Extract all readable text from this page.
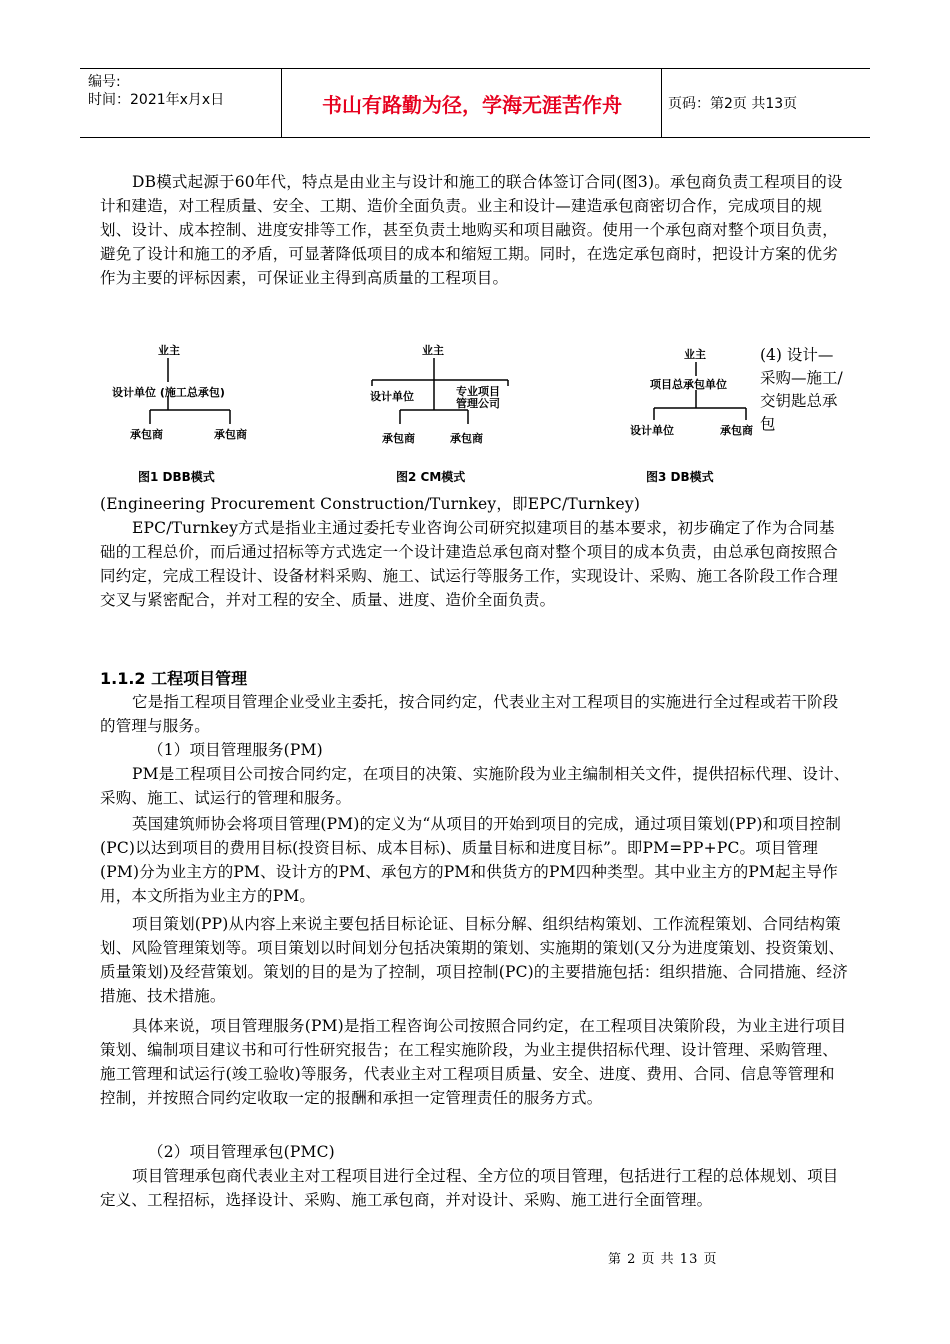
编号:
时间：2021年x月x日	书山有路勤为径，学海无涯苦作舟	页码：第2页 共13页
DB模式起源于60年代，特点是由业主与设计和施工的联合体签订合同(图3)。承包商负责工程项目的设计和建造，对工程质量、安全、工期、造价全面负责。业主和设计—建造承包商密切合作，完成项目的规划、设计、成本控制、进度安排等工作，甚至负责土地购买和项目融资。使用一个承包商对整个项目负责，避免了设计和施工的矛盾，可显著降低项目的成本和缩短工期。同时，在选定承包商时，把设计方案的优劣作为主要的评标因素，可保证业主得到高质量的工程项目。
业主
设计单位 (施工总承包)
承包商	承包商
图1 DBB模式
业主
设计单位	专业项目
管理公司
承包商	承包商
图2 CM模式
业主
项目总承包单位
设计单位	承包商
图3 DB模式
(4) 设计—采购—施工/交钥匙总承包
(Engineering Procurement Construction/Turnkey，即EPC/Turnkey)
EPC/Turnkey方式是指业主通过委托专业咨询公司研究拟建项目的基本要求，初步确定了作为合同基础的工程总价，而后通过招标等方式选定一个设计建造总承包商对整个项目的成本负责，由总承包商按照合同约定，完成工程设计、设备材料采购、施工、试运行等服务工作，实现设计、采购、施工各阶段工作合理交叉与紧密配合，并对工程的安全、质量、进度、造价全面负责。
1.1.2 工程项目管理
它是指工程项目管理企业受业主委托，按合同约定，代表业主对工程项目的实施进行全过程或若干阶段的管理与服务。
（1）项目管理服务(PM)
PM是工程项目公司按合同约定，在项目的决策、实施阶段为业主编制相关文件，提供招标代理、设计、采购、施工、试运行的管理和服务。
英国建筑师协会将项目管理(PM)的定义为“从项目的开始到项目的完成，通过项目策划(PP)和项目控制(PC)以达到项目的费用目标(投资目标、成本目标)、质量目标和进度目标”。即PM=PP+PC。项目管理(PM)分为业主方的PM、设计方的PM、承包方的PM和供货方的PM四种类型。其中业主方的PM起主导作用，本文所指为业主方的PM。
项目策划(PP)从内容上来说主要包括目标论证、目标分解、组织结构策划、工作流程策划、合同结构策划、风险管理策划等。项目策划以时间划分包括决策期的策划、实施期的策划(又分为进度策划、投资策划、质量策划)及经营策划。策划的目的是为了控制，项目控制(PC)的主要措施包括：组织措施、合同措施、经济措施、技术措施。
具体来说，项目管理服务(PM)是指工程咨询公司按照合同约定，在工程项目决策阶段，为业主进行项目策划、编制项目建议书和可行性研究报告；在工程实施阶段，为业主提供招标代理、设计管理、采购管理、施工管理和试运行(竣工验收)等服务，代表业主对工程项目质量、安全、进度、费用、合同、信息等管理和控制，并按照合同约定收取一定的报酬和承担一定管理责任的服务方式。
（2）项目管理承包(PMC)
项目管理承包商代表业主对工程项目进行全过程、全方位的项目管理，包括进行工程的总体规划、项目定义、工程招标，选择设计、采购、施工承包商，并对设计、采购、施工进行全面管理。
第 2 页 共 13 页
